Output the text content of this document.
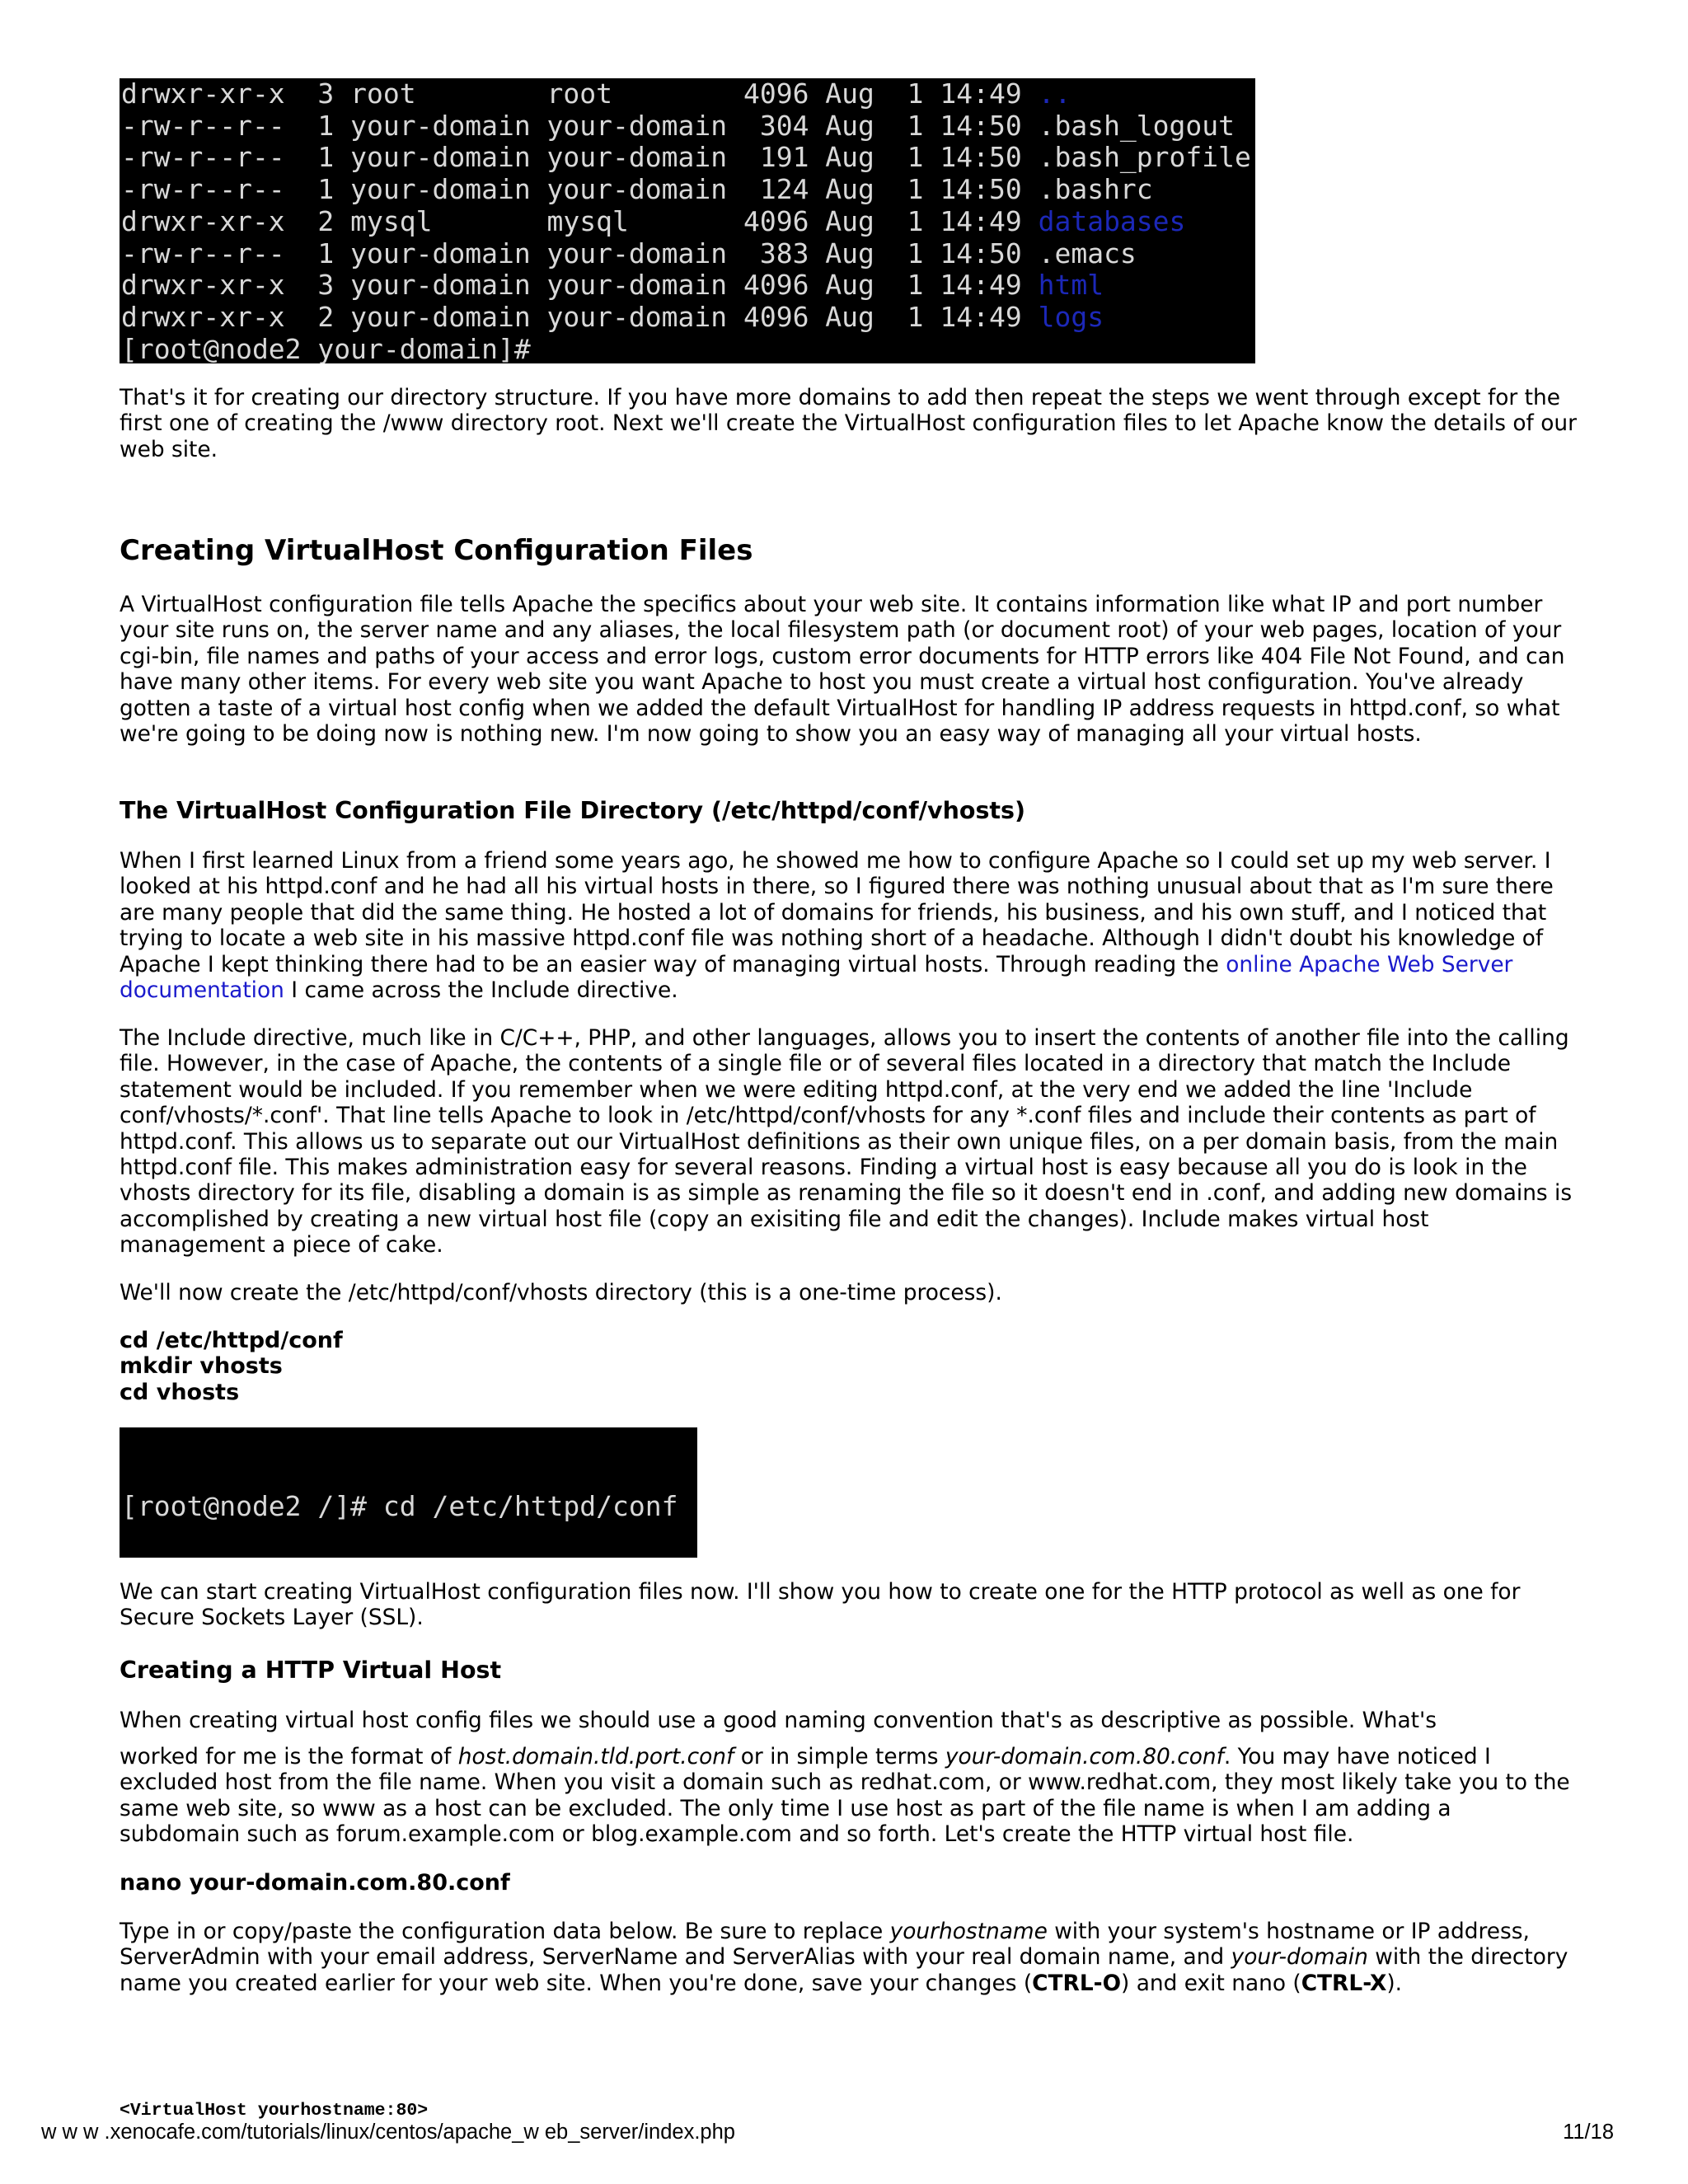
drwxr-xr-x  3 root        root        4096 Aug  1 14:49 ..
-rw-r--r--  1 your-domain your-domain  304 Aug  1 14:50 .bash_logout
-rw-r--r--  1 your-domain your-domain  191 Aug  1 14:50 .bash_profile
-rw-r--r--  1 your-domain your-domain  124 Aug  1 14:50 .bashrc
drwxr-xr-x  2 mysql       mysql       4096 Aug  1 14:49 databases
-rw-r--r--  1 your-domain your-domain  383 Aug  1 14:50 .emacs
drwxr-xr-x  3 your-domain your-domain 4096 Aug  1 14:49 html
drwxr-xr-x  2 your-domain your-domain 4096 Aug  1 14:49 logs
[root@node2 your-domain]#

That's it for creating our directory structure. If you have more domains to add then repeat the steps we went through except for the first one of creating the /www directory root. Next we'll create the VirtualHost configuration files to let Apache know the details of our web site.

Creating VirtualHost Configuration Files

A VirtualHost configuration file tells Apache the specifics about your web site. It contains information like what IP and port number your site runs on, the server name and any aliases, the local filesystem path (or document root) of your web pages, location of your cgi-bin, file names and paths of your access and error logs, custom error documents for HTTP errors like 404 File Not Found, and can have many other items. For every web site you want Apache to host you must create a virtual host configuration. You've already gotten a taste of a virtual host config when we added the default VirtualHost for handling IP address requests in httpd.conf, so what we're going to be doing now is nothing new. I'm now going to show you an easy way of managing all your virtual hosts.

The VirtualHost Configuration File Directory (/etc/httpd/conf/vhosts)

When I first learned Linux from a friend some years ago, he showed me how to configure Apache so I could set up my web server. I looked at his httpd.conf and he had all his virtual hosts in there, so I figured there was nothing unusual about that as I'm sure there are many people that did the same thing. He hosted a lot of domains for friends, his business, and his own stuff, and I noticed that trying to locate a web site in his massive httpd.conf file was nothing short of a headache. Although I didn't doubt his knowledge of Apache I kept thinking there had to be an easier way of managing virtual hosts. Through reading the online Apache Web Server documentation I came across the Include directive.

The Include directive, much like in C/C++, PHP, and other languages, allows you to insert the contents of another file into the calling file. However, in the case of Apache, the contents of a single file or of several files located in a directory that match the Include statement would be included. If you remember when we were editing httpd.conf, at the very end we added the line 'Include conf/vhosts/*.conf'. That line tells Apache to look in /etc/httpd/conf/vhosts for any *.conf files and include their contents as part of httpd.conf. This allows us to separate out our VirtualHost definitions as their own unique files, on a per domain basis, from the main httpd.conf file. This makes administration easy for several reasons. Finding a virtual host is easy because all you do is look in the vhosts directory for its file, disabling a domain is as simple as renaming the file so it doesn't end in .conf, and adding new domains is accomplished by creating a new virtual host file (copy an exisiting file and edit the changes). Include makes virtual host management a piece of cake.

We'll now create the /etc/httpd/conf/vhosts directory (this is a one-time process).

cd /etc/httpd/conf
mkdir vhosts
cd vhosts

[root@node2 /]# cd /etc/httpd/conf

We can start creating VirtualHost configuration files now. I'll show you how to create one for the HTTP protocol as well as one for Secure Sockets Layer (SSL).

Creating a HTTP Virtual Host

When creating virtual host config files we should use a good naming convention that's as descriptive as possible. What's

worked for me is the format of host.domain.tld.port.conf or in simple terms your-domain.com.80.conf. You may have noticed I excluded host from the file name. When you visit a domain such as redhat.com, or www.redhat.com, they most likely take you to the same web site, so www as a host can be excluded. The only time I use host as part of the file name is when I am adding a subdomain such as forum.example.com or blog.example.com and so forth. Let's create the HTTP virtual host file.

nano your-domain.com.80.conf

Type in or copy/paste the configuration data below. Be sure to replace yourhostname with your system's hostname or IP address, ServerAdmin with your email address, ServerName and ServerAlias with your real domain name, and your-domain with the directory name you created earlier for your web site. When you're done, save your changes (CTRL-O) and exit nano (CTRL-X).

<VirtualHost yourhostname:80>

w w w .xenocafe.com/tutorials/linux/centos/apache_w eb_server/index.php	11/18
